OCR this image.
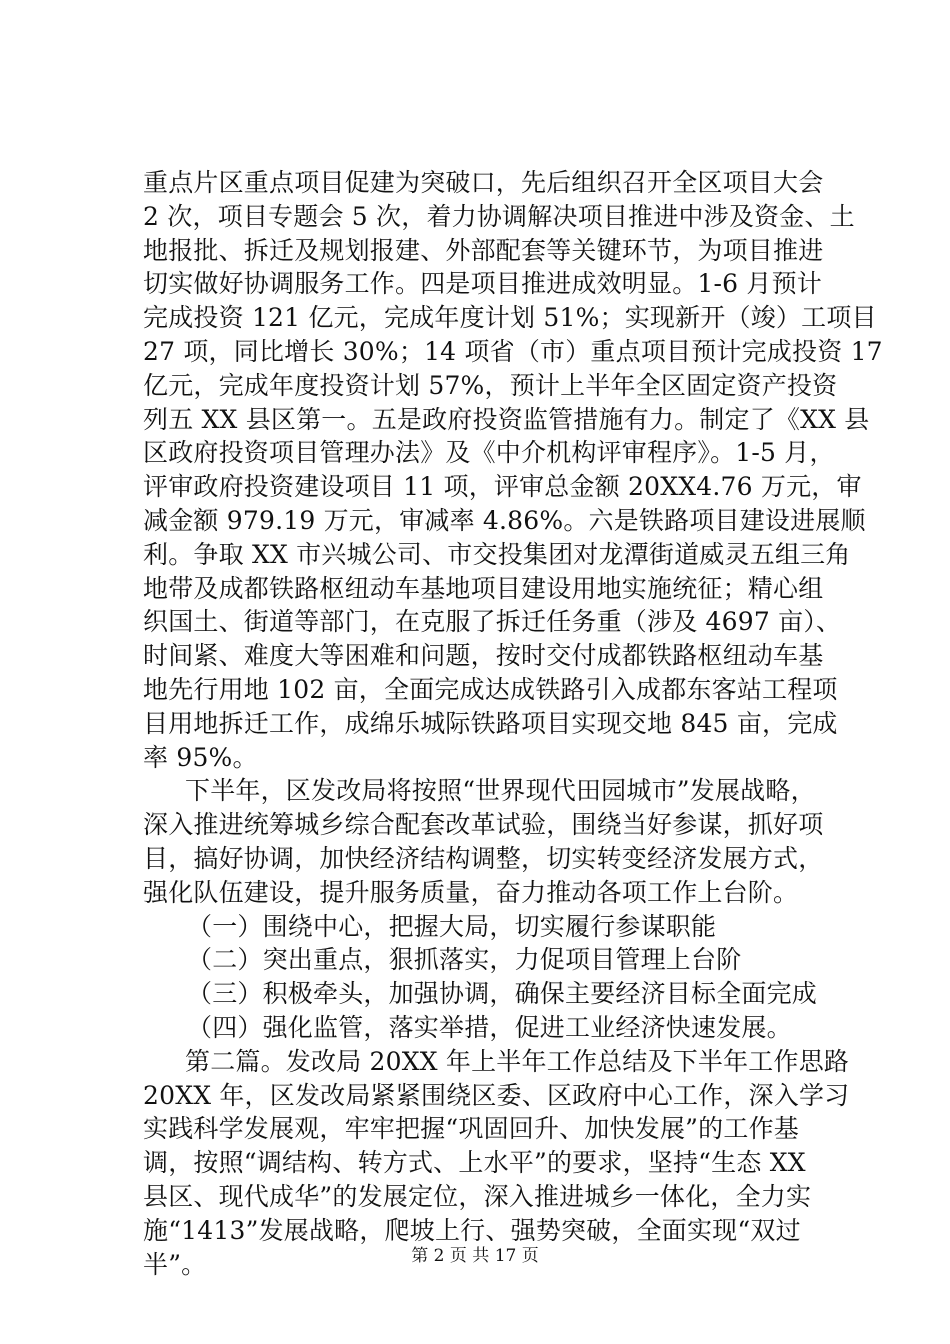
重点片区重点项目促建为突破口，先后组织召开全区项目大会
2 次，项目专题会 5 次，着力协调解决项目推进中涉及资金、土
地报批、拆迁及规划报建、外部配套等关键环节，为项目推进
切实做好协调服务工作。四是项目推进成效明显。1-6 月预计
完成投资 121 亿元，完成年度计划 51%；实现新开（竣）工项目
27 项，同比增长 30%；14 项省（市）重点项目预计完成投资 17
亿元，完成年度投资计划 57%，预计上半年全区固定资产投资
列五 XX 县区第一。五是政府投资监管措施有力。制定了《XX 县
区政府投资项目管理办法》及《中介机构评审程序》。1-5 月，
评审政府投资建设项目 11 项，评审总金额 20XX4.76 万元，审
减金额 979.19 万元，审减率 4.86%。六是铁路项目建设进展顺
利。争取 XX 市兴城公司、市交投集团对龙潭街道威灵五组三角
地带及成都铁路枢纽动车基地项目建设用地实施统征；精心组
织国土、街道等部门，在克服了拆迁任务重（涉及 4697 亩）、
时间紧、难度大等困难和问题，按时交付成都铁路枢纽动车基
地先行用地 102 亩，全面完成达成铁路引入成都东客站工程项
目用地拆迁工作，成绵乐城际铁路项目实现交地 845 亩，完成
率 95%。
下半年，区发改局将按照“世界现代田园城市”发展战略，
深入推进统筹城乡综合配套改革试验，围绕当好参谋，抓好项
目，搞好协调，加快经济结构调整，切实转变经济发展方式，
强化队伍建设，提升服务质量，奋力推动各项工作上台阶。
（一）围绕中心，把握大局，切实履行参谋职能
（二）突出重点，狠抓落实，力促项目管理上台阶
（三）积极牵头，加强协调，确保主要经济目标全面完成
（四）强化监管，落实举措，促进工业经济快速发展。
第二篇。发改局 20XX 年上半年工作总结及下半年工作思路
20XX 年，区发改局紧紧围绕区委、区政府中心工作，深入学习
实践科学发展观，牢牢把握“巩固回升、加快发展”的工作基
调，按照“调结构、转方式、上水平”的要求，坚持“生态 XX
县区、现代成华”的发展定位，深入推进城乡一体化，全力实
施“1413”发展战略，爬坡上行、强势突破，全面实现“双过
半”。	第 2 页 共 17 页
